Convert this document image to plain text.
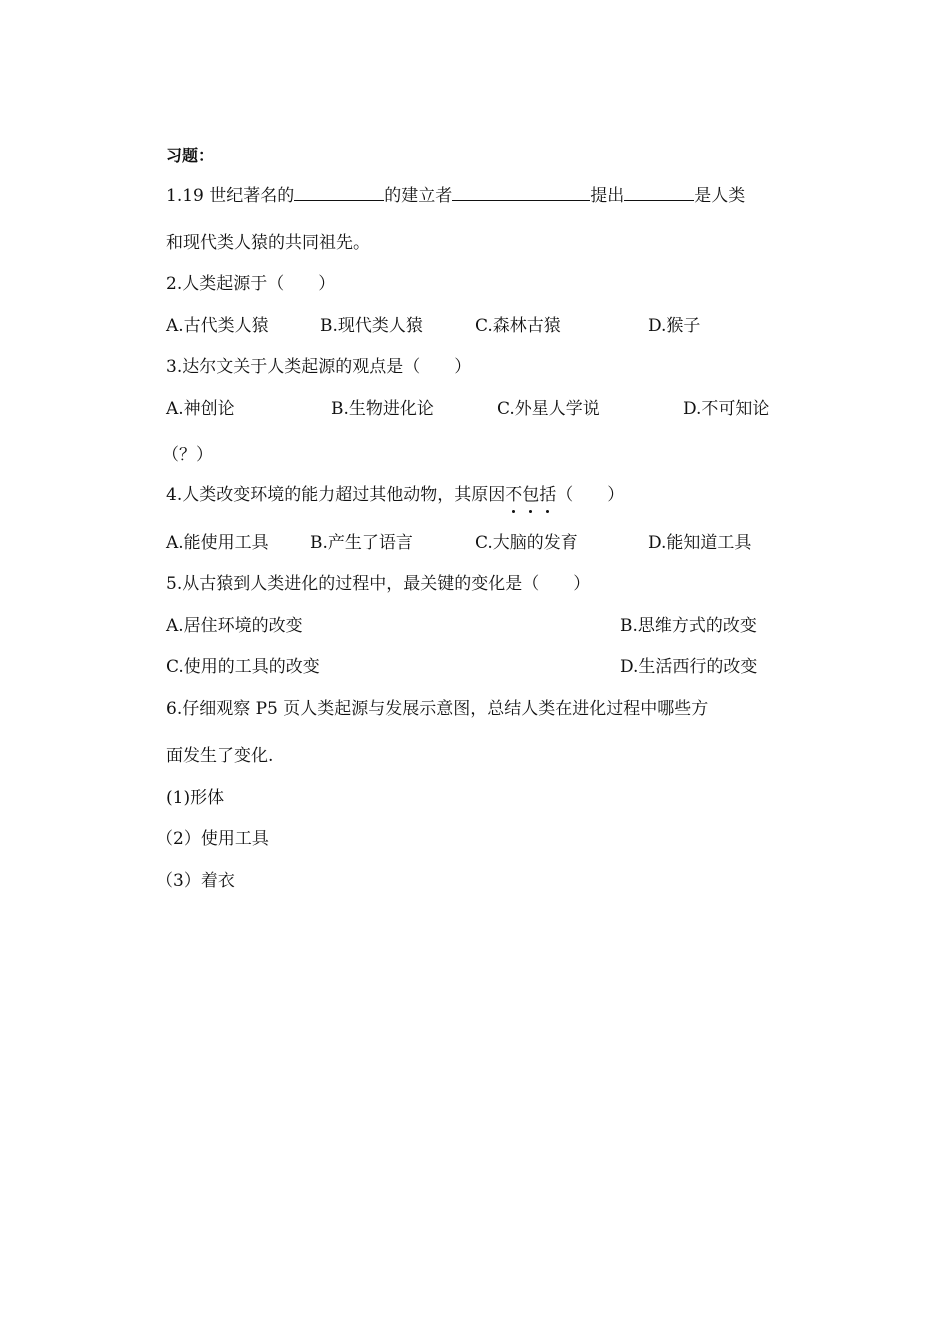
习题：
1.19 世纪著名的	的建立者	提出	是人类
和现代类人猿的共同祖先。
2.人类起源于（　　）
A.古代类人猿	B.现代类人猿	C.森林古猿	D.猴子
3.达尔文关于人类起源的观点是（　　）
A.神创论	B.生物进化论	C.外星人学说	D.不可知论
（？）
4.人类改变环境的能力超过其他动物，其原因不包括（　　）
A.能使用工具 B.产生了语言	C.大脑的发育	D.能知道工具
5.从古猿到人类进化的过程中，最关键的变化是（　　）
A.居住环境的改变	B.思维方式的改变
C.使用的工具的改变	D.生活西行的改变
6.仔细观察 P5 页人类起源与发展示意图，总结人类在进化过程中哪些方
面发生了变化.
(1)形体
（2）使用工具
（3）着衣
